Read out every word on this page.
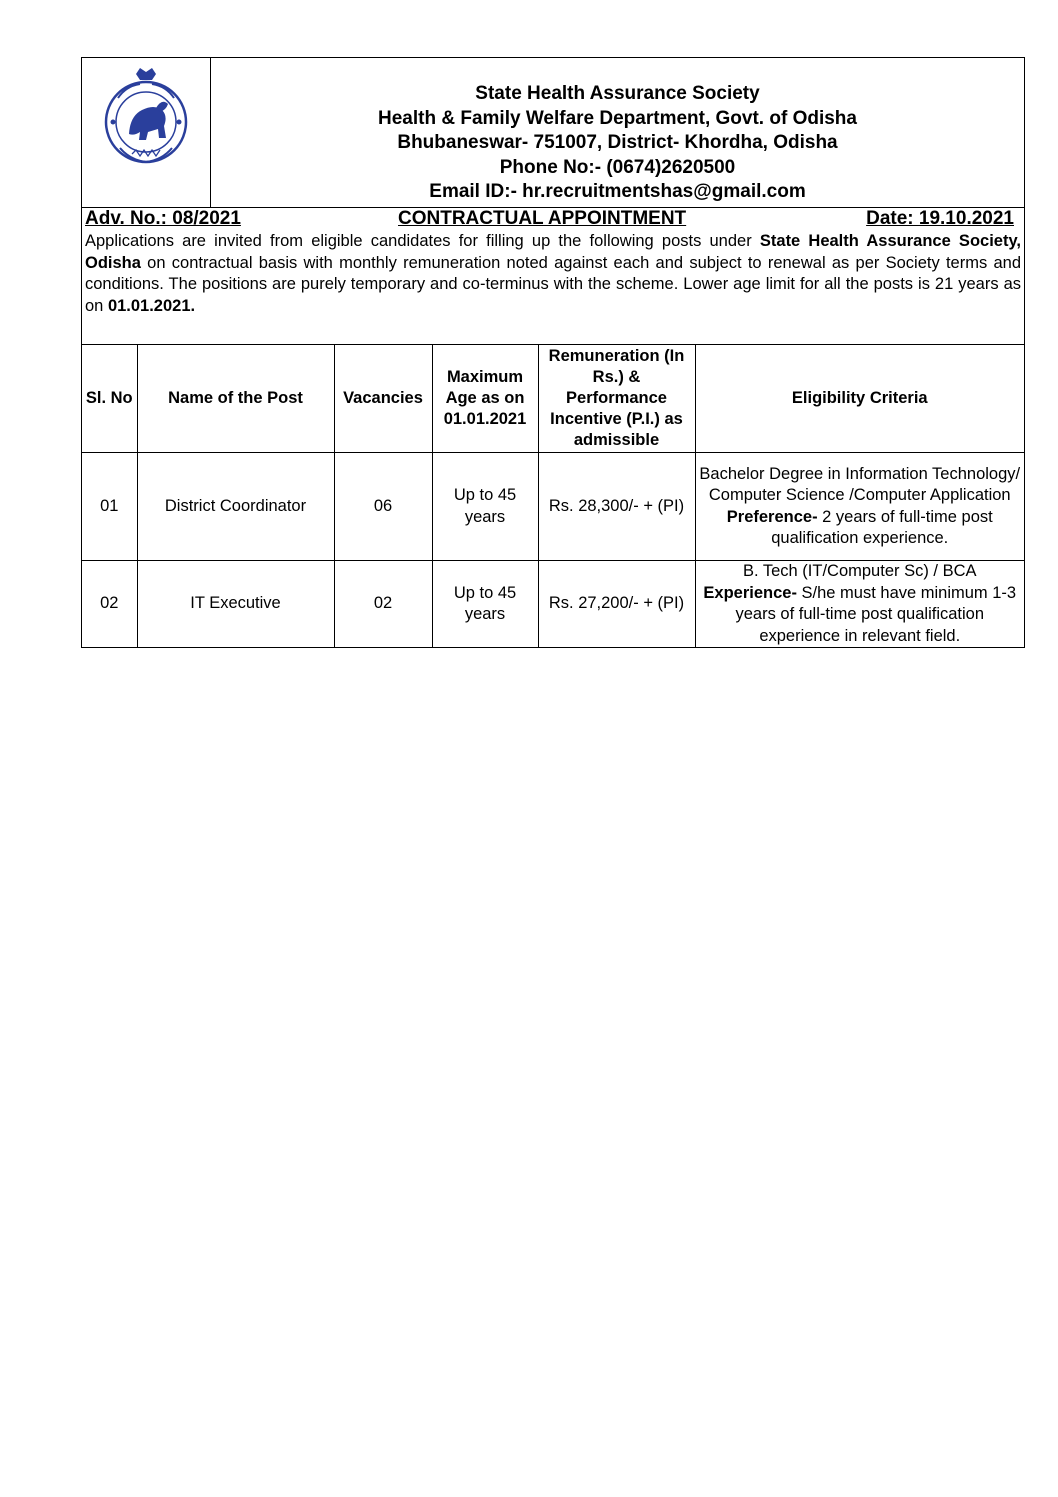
State Health Assurance Society
Health & Family Welfare Department, Govt. of Odisha
Bhubaneswar- 751007, District- Khordha, Odisha
Phone No:- (0674)2620500
Email ID:- hr.recruitmentshas@gmail.com
Adv. No.: 08/2021	CONTRACTUAL APPOINTMENT	Date: 19.10.2021
Applications are invited from eligible candidates for filling up the following posts under State Health Assurance Society, Odisha on contractual basis with monthly remuneration noted against each and subject to renewal as per Society terms and conditions. The positions are purely temporary and co-terminus with the scheme. Lower age limit for all the posts is 21 years as on 01.01.2021.
Sl. No	Name of the Post	Vacancies	Maximum Age as on 01.01.2021	Remuneration (In Rs.) & Performance Incentive (P.I.) as admissible	Eligibility Criteria
01	District Coordinator	06	Up to 45 years	Rs. 28,300/- + (PI)	Bachelor Degree in Information Technology/ Computer Science /Computer Application
Preference- 2 years of full-time post qualification experience.
02	IT Executive	02	Up to 45 years	Rs. 27,200/- + (PI)	B. Tech (IT/Computer Sc) / BCA
Experience- S/he must have minimum 1-3 years of full-time post qualification experience in relevant field.
